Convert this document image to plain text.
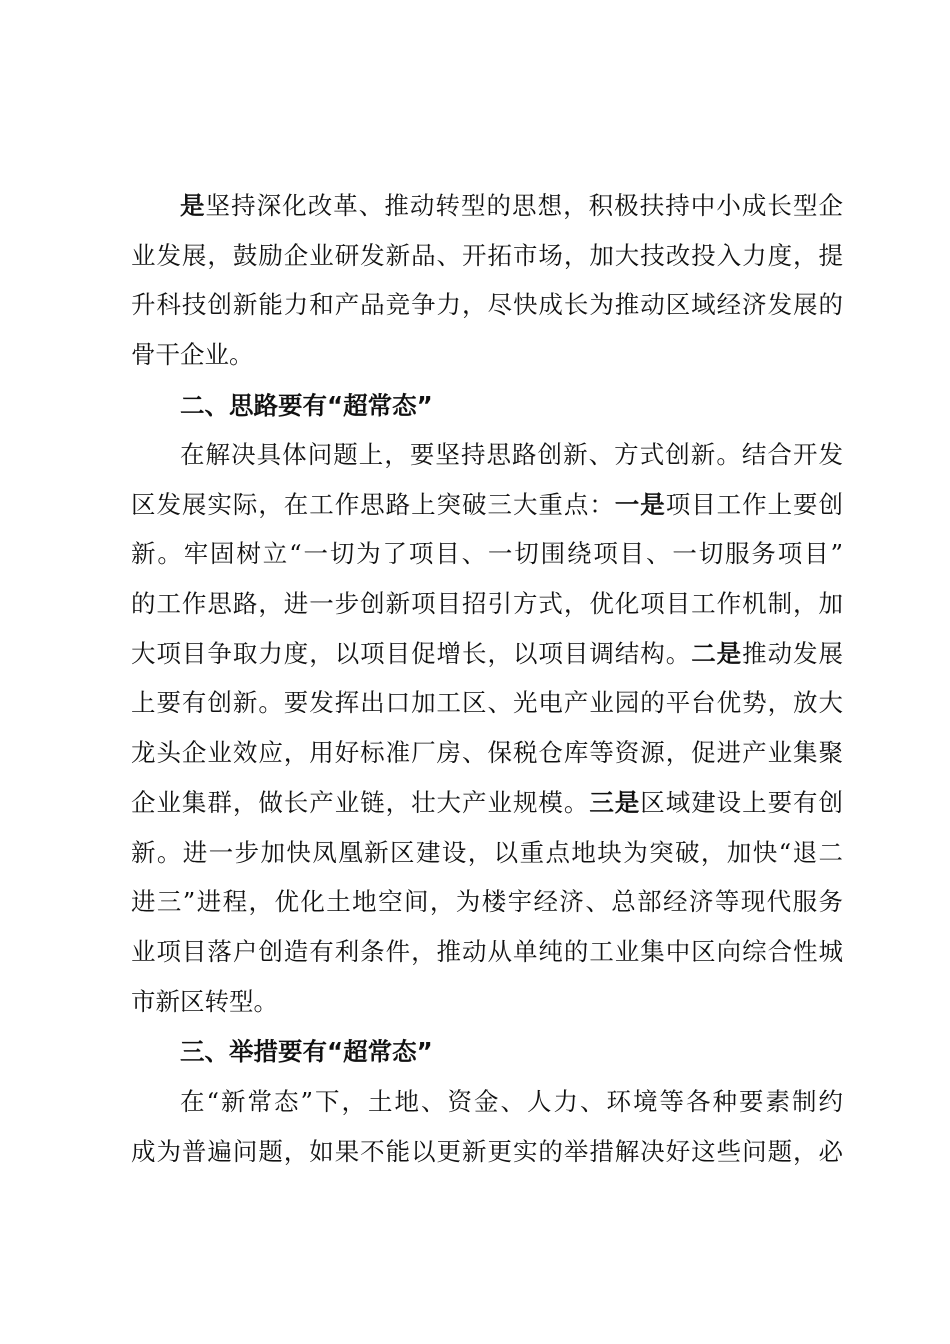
是坚持深化改革、推动转型的思想，积极扶持中小成长型企
业发展，鼓励企业研发新品、开拓市场，加大技改投入力度，提
升科技创新能力和产品竞争力，尽快成长为推动区域经济发展的
骨干企业。
二、思路要有“超常态”
在解决具体问题上，要坚持思路创新、方式创新。结合开发
区发展实际，在工作思路上突破三大重点：一是项目工作上要创
新。牢固树立“一切为了项目、一切围绕项目、一切服务项目”
的工作思路，进一步创新项目招引方式，优化项目工作机制，加
大项目争取力度，以项目促增长，以项目调结构。二是推动发展
上要有创新。要发挥出口加工区、光电产业园的平台优势，放大
龙头企业效应，用好标准厂房、保税仓库等资源，促进产业集聚
企业集群，做长产业链，壮大产业规模。三是区域建设上要有创
新。进一步加快凤凰新区建设，以重点地块为突破，加快“退二
进三”进程，优化土地空间，为楼宇经济、总部经济等现代服务
业项目落户创造有利条件，推动从单纯的工业集中区向综合性城
市新区转型。
三、举措要有“超常态”
在“新常态”下，土地、资金、人力、环境等各种要素制约
成为普遍问题，如果不能以更新更实的举措解决好这些问题，必
